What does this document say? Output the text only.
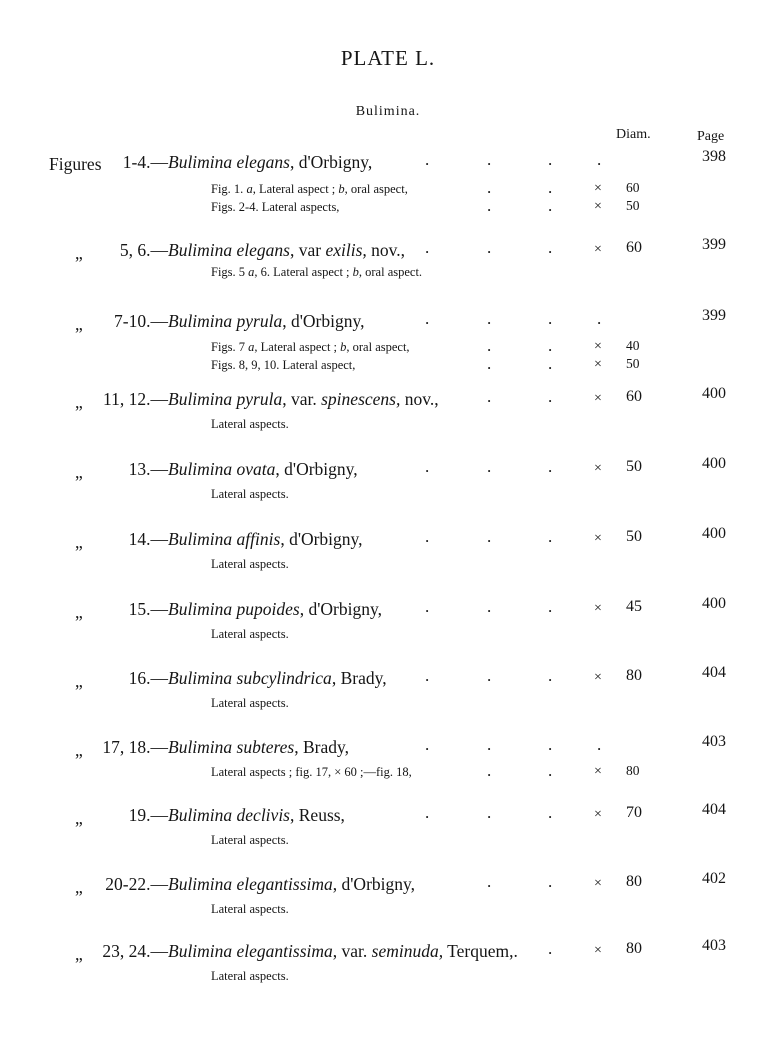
PLATE L.
Bulimina.
Diam.	Page
Figures 1-4.— Bulimina elegans, d'Orbigny,	.	.	.	.	398
Fig. 1. a, Lateral aspect ; b, oral aspect,	.	.	× 60
Figs. 2-4. Lateral aspects,	.	.	× 50
„ 5, 6.— Bulimina elegans, var exilis, nov., .	.	.	× 60	399
Figs. 5 a, 6. Lateral aspect ; b, oral aspect.
„ 7-10.— Bulimina pyrula, d'Orbigny,	.	.	.	.	399
Figs. 7 a, Lateral aspect ; b, oral aspect,	.	.	× 40
Figs. 8, 9, 10. Lateral aspect,	.	.	× 50
„ 11, 12.— Bulimina pyrula, var. spinescens, nov.,	.	.	× 60	400
Lateral aspects.
„	13.— Bulimina ovata, d'Orbigny,	.	.	.	× 50	400
Lateral aspects.
„	14.— Bulimina affinis, d'Orbigny,	.	.	.	× 50	400
Lateral aspects.
„	15.— Bulimina pupoides, d'Orbigny,	.	.	.	× 45	400
Lateral aspects.
„	16.— Bulimina subcylindrica, Brady, .	.	.	× 80	404
Lateral aspects.
„ 17, 18.— Bulimina subteres, Brady,	.	.	.	.	403
Lateral aspects ; fig. 17, × 60 ;—fig. 18,	.	.	× 80
„	19.— Bulimina declivis, Reuss,	.	.	.	× 70	404
Lateral aspects.
„ 20-22.— Bulimina elegantissima, d'Orbigny,	.	.	× 80	402
Lateral aspects.
„ 23, 24.— Bulimina elegantissima, var. seminuda, Terquem,. .	× 80	403
Lateral aspects.
